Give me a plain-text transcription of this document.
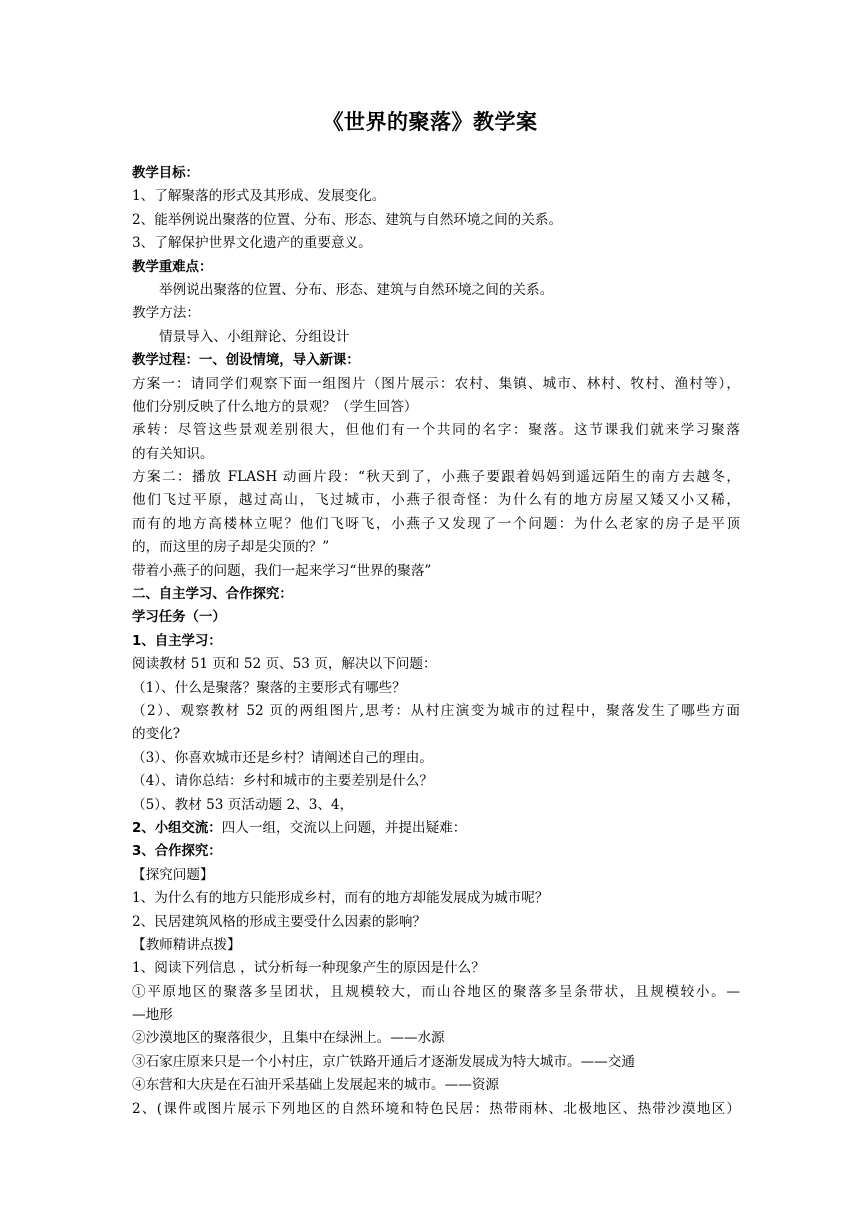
《世界的聚落》教学案
教学目标：
1、了解聚落的形式及其形成、发展变化。
2、能举例说出聚落的位置、分布、形态、建筑与自然环境之间的关系。
3、了解保护世界文化遗产的重要意义。
教学重难点：
举例说出聚落的位置、分布、形态、建筑与自然环境之间的关系。
教学方法：
情景导入、小组辩论、分组设计
教学过程：一、创设情境，导入新课：
方案一：请同学们观察下面一组图片（图片展示：农村、集镇、城市、林村、牧村、渔村等），
他们分别反映了什么地方的景观？（学生回答）
承转：尽管这些景观差别很大，但他们有一个共同的名字：聚落。这节课我们就来学习聚落
的有关知识。
方案二：播放 FLASH 动画片段：“秋天到了，小燕子要跟着妈妈到遥远陌生的南方去越冬，
他们飞过平原，越过高山，飞过城市，小燕子很奇怪：为什么有的地方房屋又矮又小又稀，
而有的地方高楼林立呢？他们飞呀飞，小燕子又发现了一个问题：为什么老家的房子是平顶
的，而这里的房子却是尖顶的？”
带着小燕子的问题，我们一起来学习“世界的聚落”
二、自主学习、合作探究：
学习任务（一）
1、自主学习：
阅读教材 51 页和 52 页、53 页，解决以下问题：
（1）、什么是聚落？聚落的主要形式有哪些？
（2）、观察教材 52 页的两组图片,思考：从村庄演变为城市的过程中，聚落发生了哪些方面
的变化?
（3）、你喜欢城市还是乡村？请阐述自己的理由。
（4）、请你总结：乡村和城市的主要差别是什么？
（5）、教材 53 页活动题 2、3、4，
2、小组交流：四人一组，交流以上问题，并提出疑难：
3、合作探究：
【探究问题】
1、为什么有的地方只能形成乡村，而有的地方却能发展成为城市呢？
2、民居建筑风格的形成主要受什么因素的影响？
【教师精讲点拨】
1、阅读下列信息 ，试分析每一种现象产生的原因是什么？
①平原地区的聚落多呈团状，且规模较大，而山谷地区的聚落多呈条带状，且规模较小。—
—地形
②沙漠地区的聚落很少，且集中在绿洲上。——水源
③石家庄原来只是一个小村庄，京广铁路开通后才逐渐发展成为特大城市。——交通
④东营和大庆是在石油开采基础上发展起来的城市。——资源
2、(课件或图片展示下列地区的自然环境和特色民居：热带雨林、北极地区、热带沙漠地区）
